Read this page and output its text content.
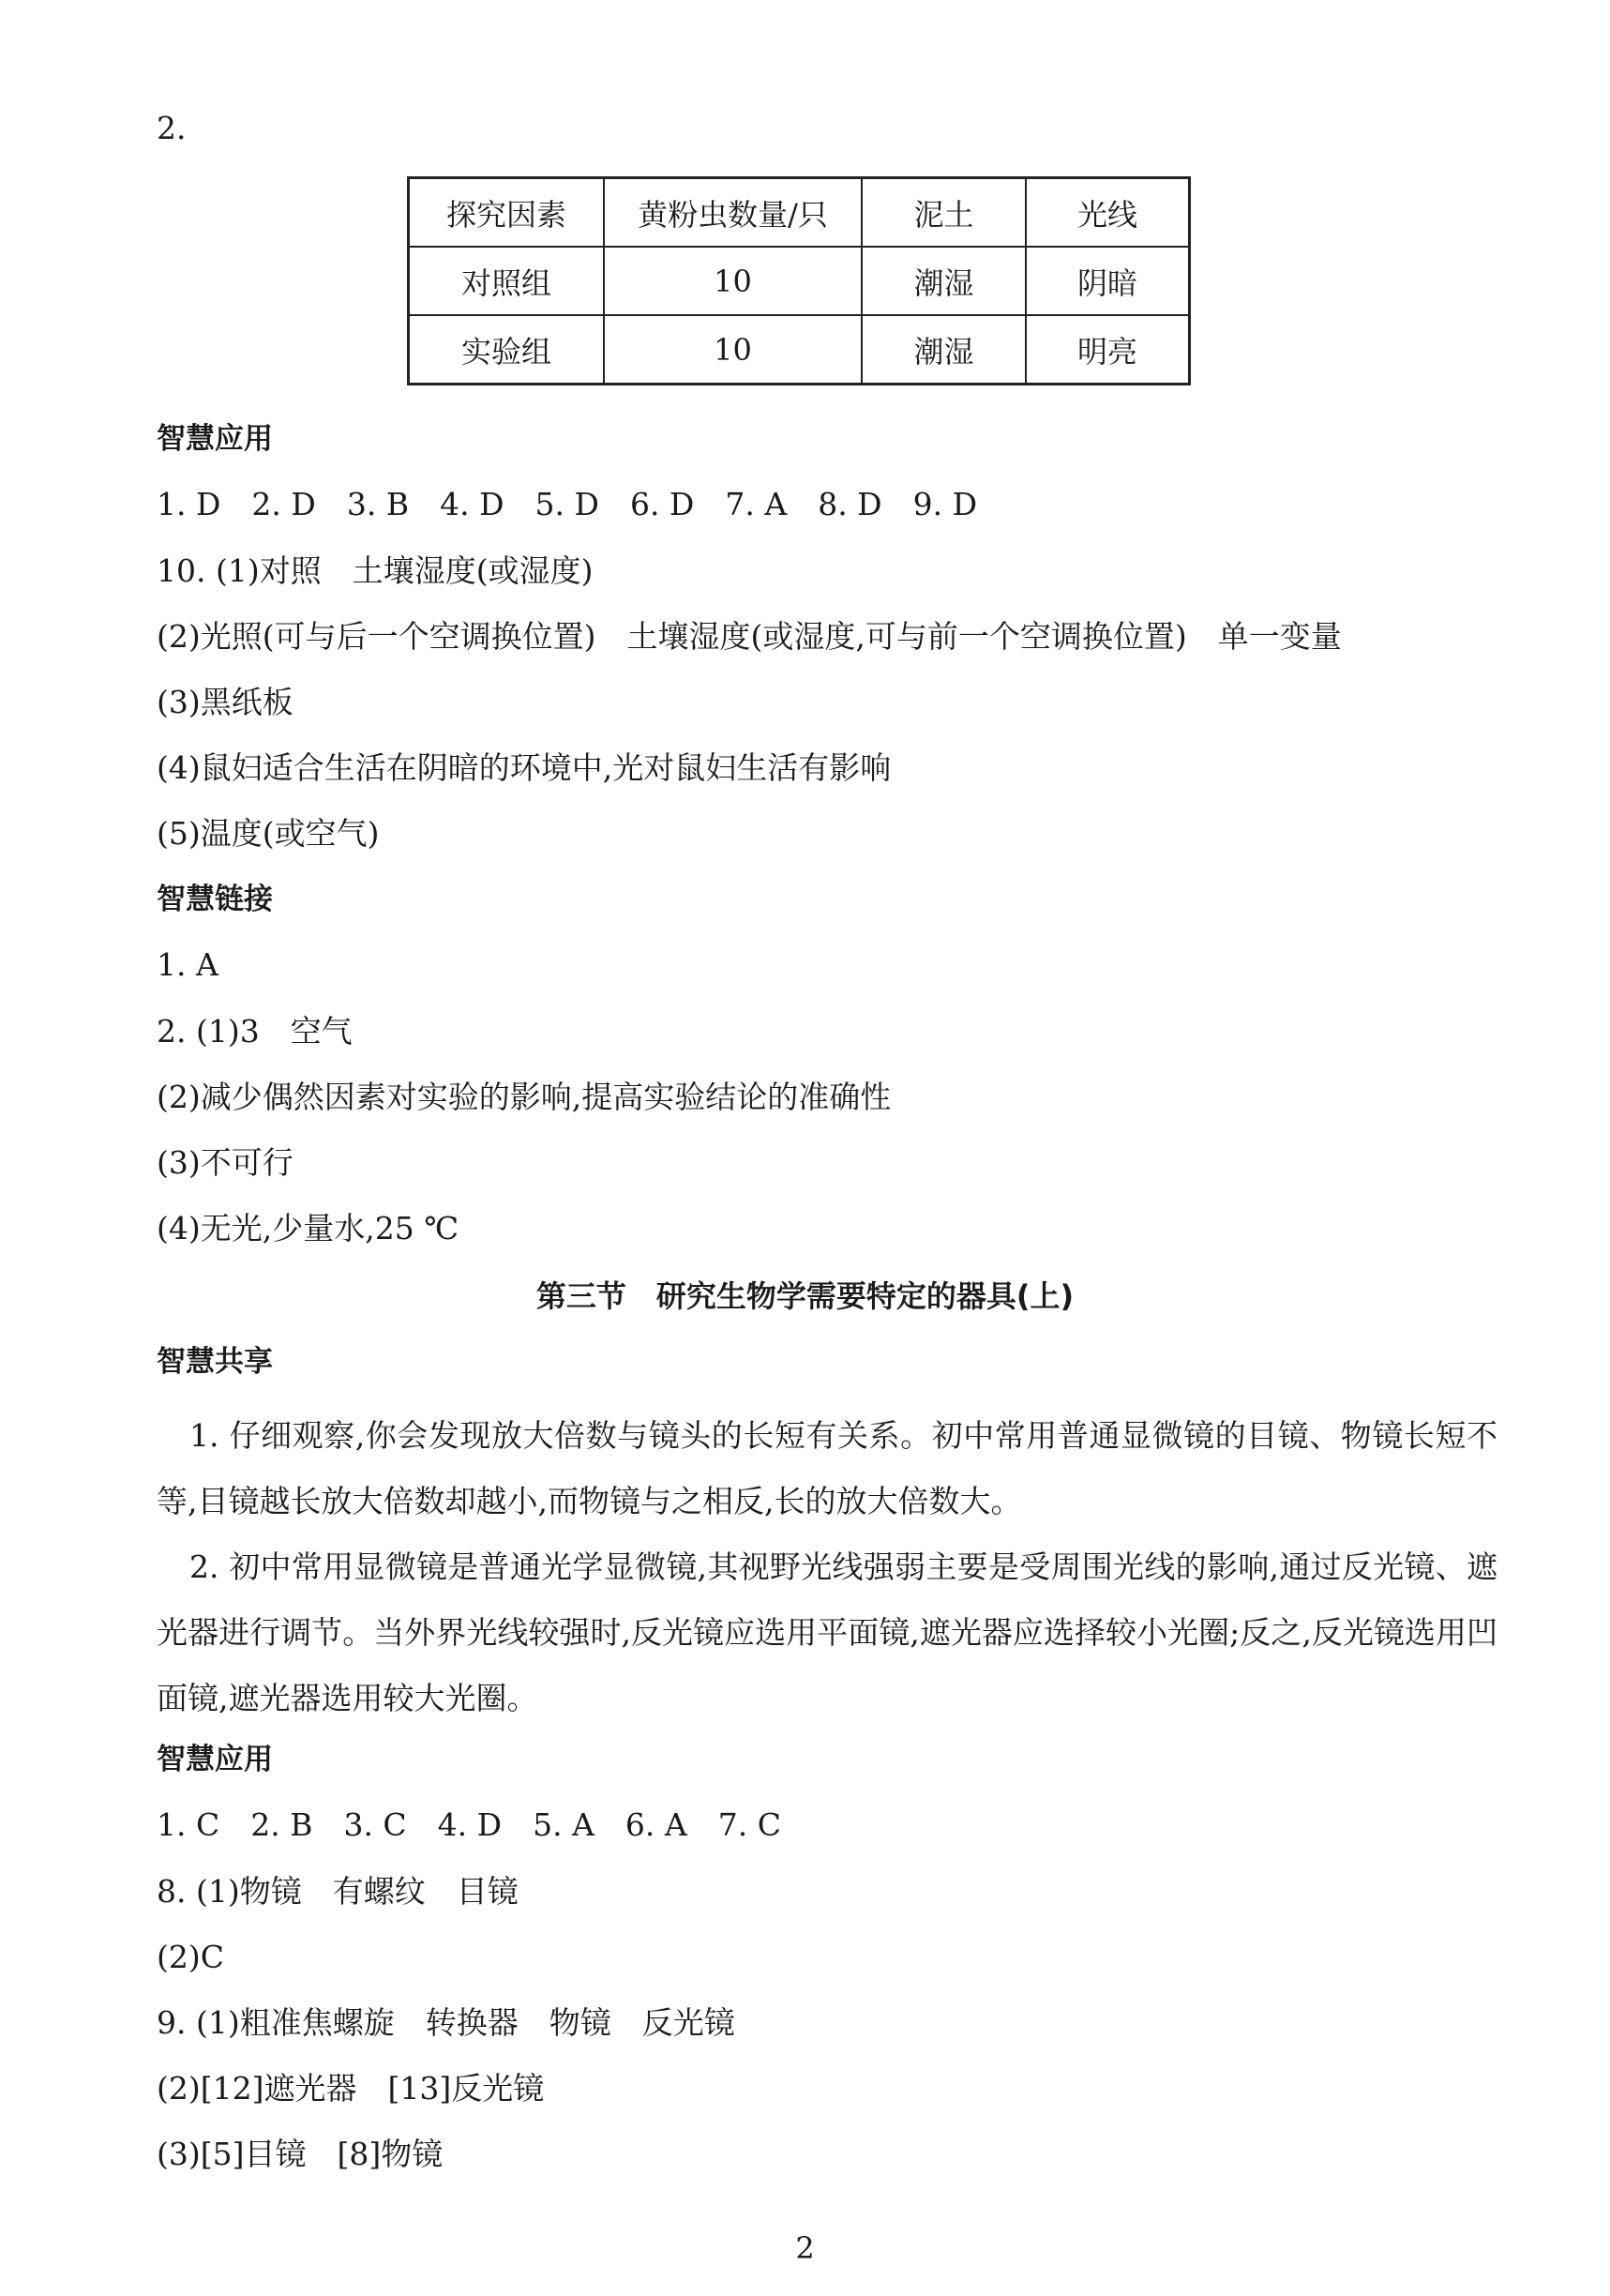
2.
探究因素	黄粉虫数量/只	泥土	光线
对照组	10	潮湿	阴暗
实验组	10	潮湿	明亮
智慧应用
1. D　2. D　3. B　4. D　5. D　6. D　7. A　8. D　9. D
10. (1)对照　土壤湿度(或湿度)
(2)光照(可与后一个空调换位置)　土壤湿度(或湿度,可与前一个空调换位置)　单一变量
(3)黑纸板
(4)鼠妇适合生活在阴暗的环境中,光对鼠妇生活有影响
(5)温度(或空气)
智慧链接
1. A
2. (1)3　空气
(2)减少偶然因素对实验的影响,提高实验结论的准确性
(3)不可行
(4)无光,少量水,25 ℃
第三节　研究生物学需要特定的器具(上)
智慧共享
1. 仔细观察,你会发现放大倍数与镜头的长短有关系。初中常用普通显微镜的目镜、物镜长短不等,目镜越长放大倍数却越小,而物镜与之相反,长的放大倍数大。
2. 初中常用显微镜是普通光学显微镜,其视野光线强弱主要是受周围光线的影响,通过反光镜、遮光器进行调节。当外界光线较强时,反光镜应选用平面镜,遮光器应选择较小光圈;反之,反光镜选用凹面镜,遮光器选用较大光圈。
智慧应用
1. C　2. B　3. C　4. D　5. A　6. A　7. C
8. (1)物镜　有螺纹　目镜
(2)C
9. (1)粗准焦螺旋　转换器　物镜　反光镜
(2)[12]遮光器　[13]反光镜
(3)[5]目镜　[8]物镜
2
